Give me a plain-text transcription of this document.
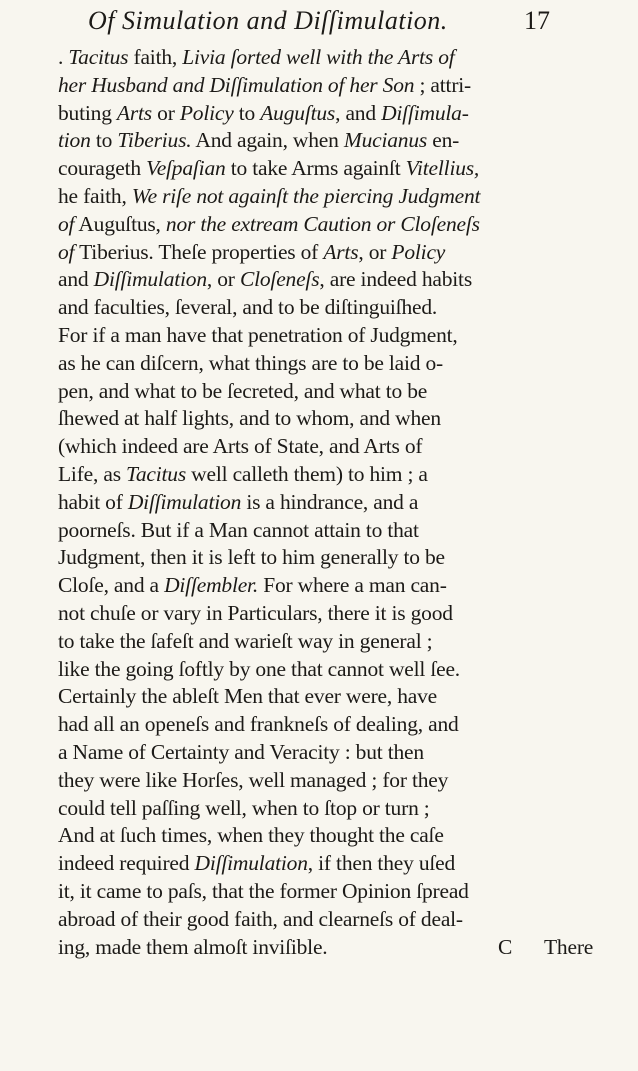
Of Simulation and Diſſimulation.	17
. Tacitus faith, Livia ſorted well with the Arts of
her Husband and Diſſimulation of her Son ; attri-
buting Arts or Policy to Auguſtus, and Diſſimula-
tion to Tiberius. And again, when Mucianus en-
courageth Veſpaſian to take Arms againſt Vitellius,
he faith, We riſe not againſt the piercing Judgment
of Auguſtus, nor the extream Caution or Cloſeneſs
of Tiberius. Theſe properties of Arts, or Policy
and Diſſimulation, or Cloſeneſs, are indeed habits
and faculties, ſeveral, and to be diſtinguiſhed.
For if a man have that penetration of Judgment,
as he can diſcern, what things are to be laid o-
pen, and what to be ſecreted, and what to be
ſhewed at half lights, and to whom, and when
(which indeed are Arts of State, and Arts of
Life, as Tacitus well calleth them) to him ; a
habit of Diſſimulation is a hindrance, and a
poorneſs. But if a Man cannot attain to that
Judgment, then it is left to him generally to be
Cloſe, and a Diſſembler. For where a man can-
not chuſe or vary in Particulars, there it is good
to take the ſafeſt and warieſt way in general ;
like the going ſoftly by one that cannot well ſee.
Certainly the ableſt Men that ever were, have
had all an openeſs and frankneſs of dealing, and
a Name of Certainty and Veracity : but then
they were like Horſes, well managed ; for they
could tell paſſing well, when to ſtop or turn ;
And at ſuch times, when they thought the caſe
indeed required Diſſimulation, if then they uſed
it, it came to paſs, that the former Opinion ſpread
abroad of their good faith, and clearneſs of deal-
ing, made them almoſt inviſible.	C There
